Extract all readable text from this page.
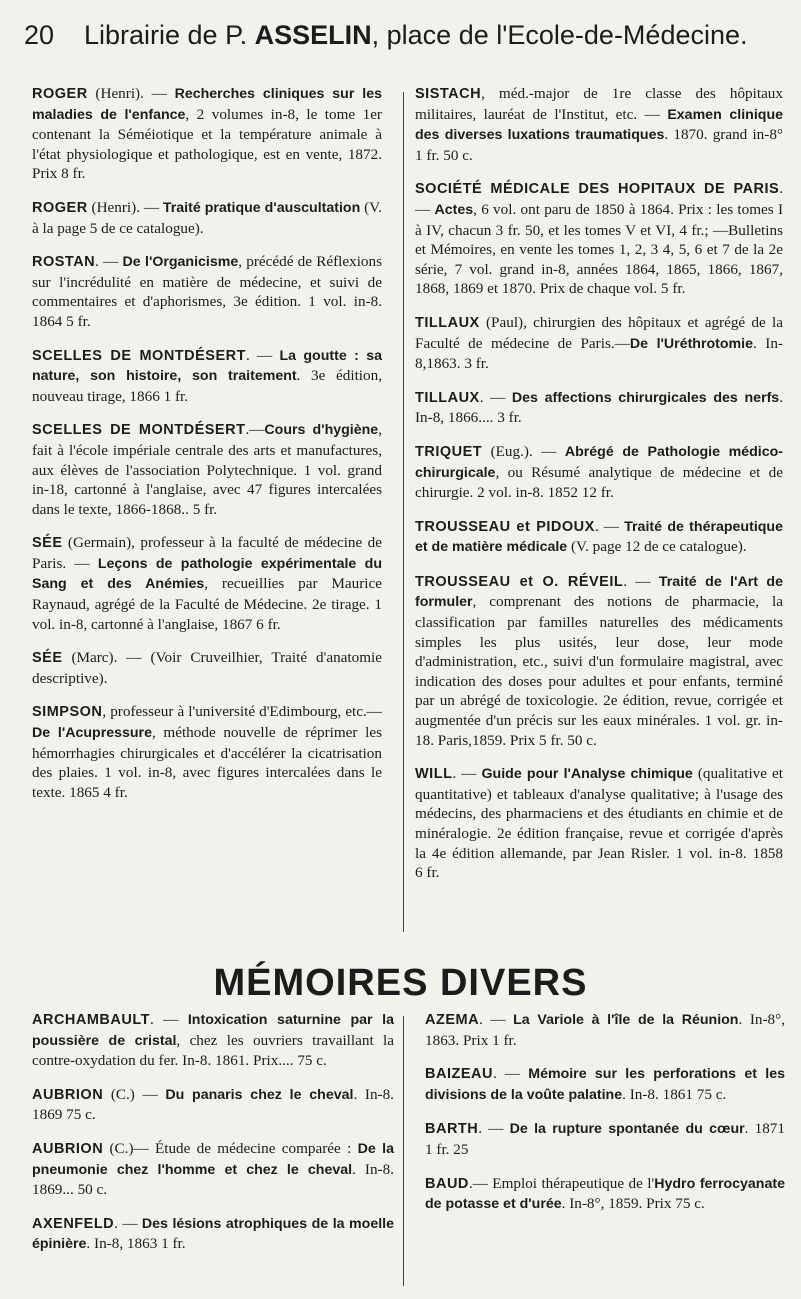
20 Librairie de P. ASSELIN, place de l'Ecole-de-Médecine.

ROGER (Henri). — Recherches cliniques sur les maladies de l'enfance, 2 volumes in-8, le tome 1er contenant la Séméiotique et la température animale à l'état physiologique et pathologique, est en vente, 1872. Prix 8 fr.

ROGER (Henri). — Traité pratique d'auscultation (V. à la page 5 de ce catalogue).

ROSTAN. — De l'Organicisme, précédé de Réflexions sur l'incrédulité en matière de médecine, et suivi de commentaires et d'aphorismes, 3e édition. 1 vol. in-8. 1864 5 fr.

SCELLES DE MONTDÉSERT. — La goutte : sa nature, son histoire, son traitement. 3e édition, nouveau tirage, 1866 1 fr.

SCELLES DE MONTDÉSERT.—Cours d'hygiène, fait à l'école impériale centrale des arts et manufactures, aux élèves de l'association Polytechnique. 1 vol. grand in-18, cartonné à l'anglaise, avec 47 figures intercalées dans le texte, 1866-1868.. 5 fr.

SÉE (Germain), professeur à la faculté de médecine de Paris. — Leçons de pathologie expérimentale du Sang et des Anémies, recueillies par Maurice Raynaud, agrégé de la Faculté de Médecine. 2e tirage. 1 vol. in-8, cartonné à l'anglaise, 1867 6 fr.

SÉE (Marc). — (Voir Cruveilhier, Traité d'anatomie descriptive).

SIMPSON, professeur à l'université d'Edimbourg, etc.—De l'Acupressure, méthode nouvelle de réprimer les hémorrhagies chirurgicales et d'accélérer la cicatrisation des plaies. 1 vol. in-8, avec figures intercalées dans le texte. 1865 4 fr.

SISTACH, méd.-major de 1re classe des hôpitaux militaires, lauréat de l'Institut, etc. — Examen clinique des diverses luxations traumatiques. 1870. grand in-8° 1 fr. 50 c.

SOCIÉTÉ MÉDICALE DES HOPITAUX DE PARIS. — Actes, 6 vol. ont paru de 1850 à 1864. Prix : les tomes I à IV, chacun 3 fr. 50, et les tomes V et VI, 4 fr.; —Bulletins et Mémoires, en vente les tomes 1, 2, 3 4, 5, 6 et 7 de la 2e série, 7 vol. grand in-8, années 1864, 1865, 1866, 1867, 1868, 1869 et 1870. Prix de chaque vol. 5 fr.

TILLAUX (Paul), chirurgien des hôpitaux et agrégé de la Faculté de médecine de Paris.—De l'Uréthrotomie. In-8,1863. 3 fr.

TILLAUX. — Des affections chirurgicales des nerfs. In-8, 1866.... 3 fr.

TRIQUET (Eug.). — Abrégé de Pathologie médico-chirurgicale, ou Résumé analytique de médecine et de chirurgie. 2 vol. in-8. 1852 12 fr.

TROUSSEAU et PIDOUX. — Traité de thérapeutique et de matière médicale (V. page 12 de ce catalogue).

TROUSSEAU et O. RÉVEIL. — Traité de l'Art de formuler, comprenant des notions de pharmacie, la classification par familles naturelles des médicaments simples les plus usités, leur dose, leur mode d'administration, etc., suivi d'un formulaire magistral, avec indication des doses pour adultes et pour enfants, terminé par un abrégé de toxicologie. 2e édition, revue, corrigée et augmentée d'un précis sur les eaux minérales. 1 vol. gr. in-18. Paris,1859. Prix 5 fr. 50 c.

WILL. — Guide pour l'Analyse chimique (qualitative et quantitative) et tableaux d'analyse qualitative; à l'usage des médecins, des pharmaciens et des étudiants en chimie et de minéralogie. 2e édition française, revue et corrigée d'après la 4e édition allemande, par Jean Risler. 1 vol. in-8. 1858 6 fr.

MÉMOIRES DIVERS

ARCHAMBAULT. — Intoxication saturnine par la poussière de cristal, chez les ouvriers travaillant la contre-oxydation du fer. In-8. 1861. Prix.... 75 c.

AUBRION (C.) — Du panaris chez le cheval. In-8. 1869 75 c.

AUBRION (C.)— Étude de médecine comparée : De la pneumonie chez l'homme et chez le cheval. In-8. 1869... 50 c.

AXENFELD. — Des lésions atrophiques de la moelle épinière. In-8, 1863 1 fr.

AZEMA. — La Variole à l'île de la Réunion. In-8°, 1863. Prix 1 fr.

BAIZEAU. — Mémoire sur les perforations et les divisions de la voûte palatine. In-8. 1861 75 c.

BARTH. — De la rupture spontanée du cœur. 1871 1 fr. 25

BAUD.— Emploi thérapeutique de l'Hydro ferrocyanate de potasse et d'urée. In-8°, 1859. Prix 75 c.
